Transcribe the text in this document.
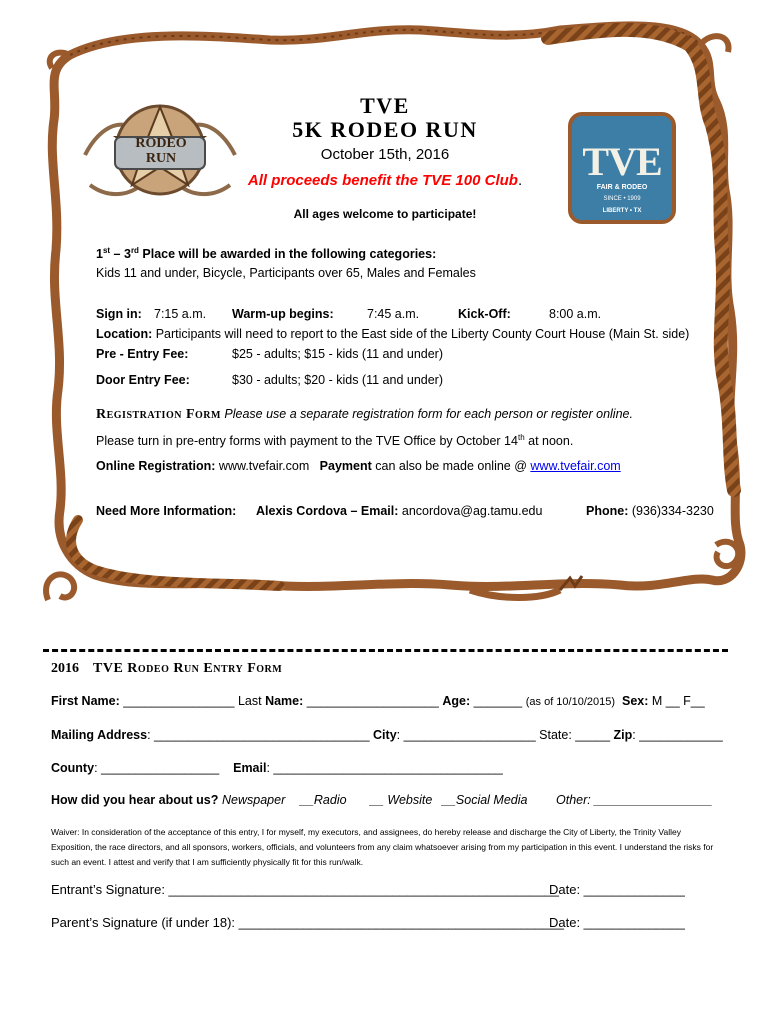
RODEO
RUN	TVE
FAIR & RODEO
SINCE • 1909
LIBERTY • TX
TVE
5K RODEO RUN
October 15th, 2016
All proceeds benefit the TVE 100 Club.
All ages welcome to participate!
1st – 3rd Place will be awarded in the following categories:
Kids 11 and under, Bicycle, Participants over 65, Males and Females
Sign in: 7:15 a.m. Warm-up begins:	7:45 a.m.	Kick-Off:	8:00 a.m.
Location: Participants will need to report to the East side of the Liberty County Court House (Main St. side)
Pre - Entry Fee:	$25 - adults; $15 - kids (11 and under)
Door Entry Fee:	$30 - adults; $20 - kids (11 and under)
Registration Form Please use a separate registration form for each person or register online.
Please turn in pre-entry forms with payment to the TVE Office by October 14th at noon.
Online Registration: www.tvefair.com Payment can also be made online @ www.tvefair.com
Need More Information: Alexis Cordova – Email: ancordova@ag.tamu.edu	Phone: (936)334-3230
2016 TVE Rodeo Run Entry Form
First Name: ________________ Last Name: ___________________ Age: _______ (as of 10/10/2015) Sex: M __ F__
Mailing Address: _______________________________ City: ___________________ State: _____ Zip: ____________
County: _________________ Email: _________________________________
How did you hear about us? Newspaper __Radio __ Website __Social Media Other: _________________
Waiver: In consideration of the acceptance of this entry, I for myself, my executors, and assignees, do hereby release and discharge the City of Liberty, the Trinity Valley Exposition, the race directors, and all sponsors, workers, officials, and volunteers from any claim whatsoever arising from my participation in this event. I understand the risks for such an event. I attest and verify that I am sufficiently physically fit for this run/walk.
Entrant’s Signature: ______________________________________________________
Date: ______________
Parent’s Signature (if under 18): _____________________________________________
Date: ______________
